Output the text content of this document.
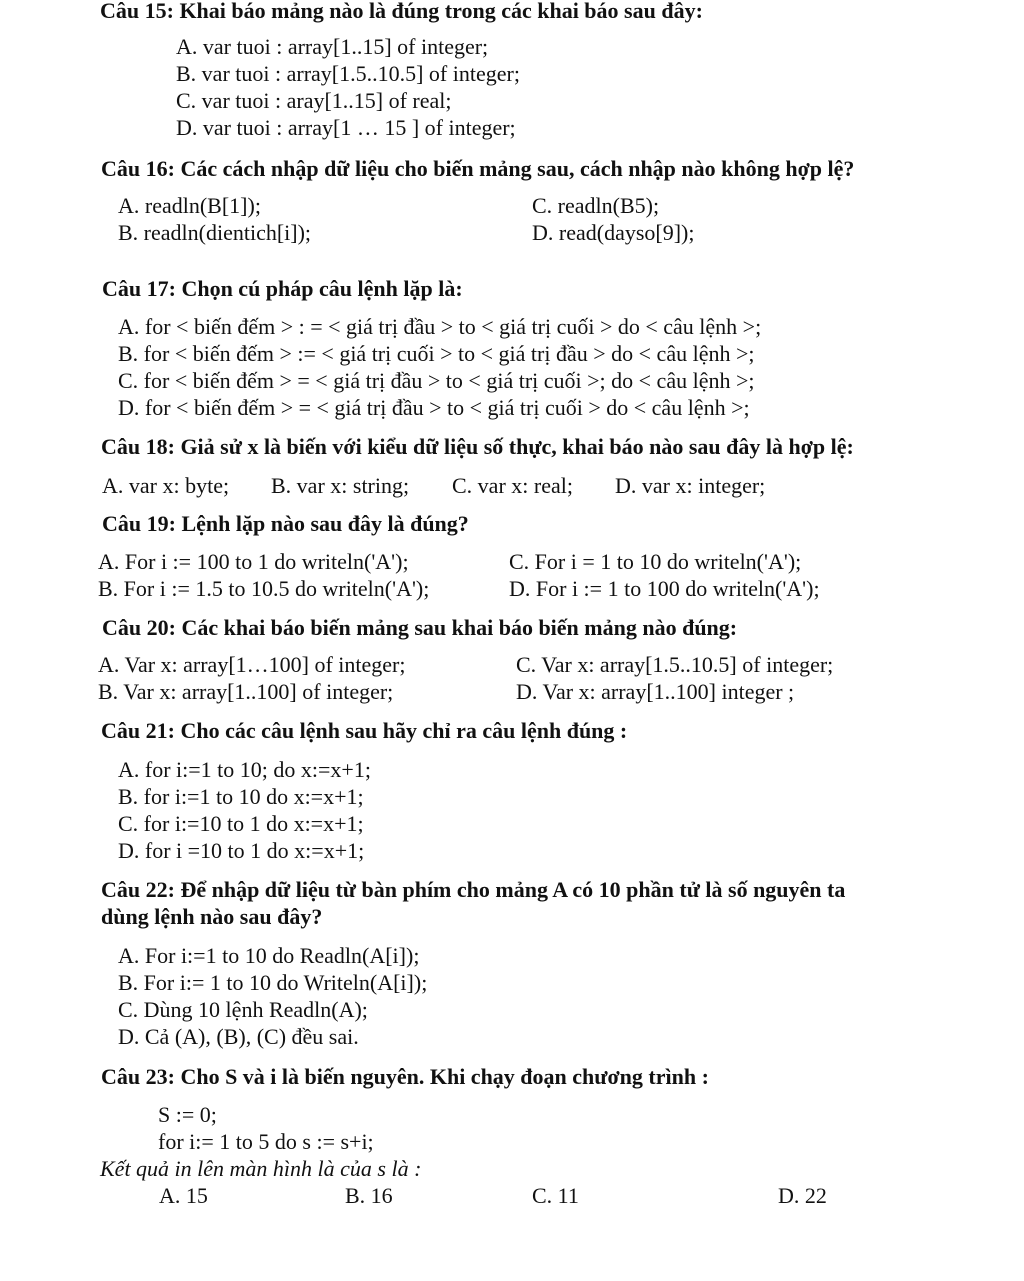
Câu 15: Khai báo mảng nào là đúng trong các khai báo sau đây:
A. var tuoi : array[1..15] of integer;
B. var tuoi : array[1.5..10.5] of integer;
C. var tuoi : aray[1..15] of real;
D. var tuoi : array[1 … 15 ] of integer;
Câu 16: Các cách nhập dữ liệu cho biến mảng sau, cách nhập nào không hợp lệ?
A. readln(B[1]);	C. readln(B5);
B. readln(dientich[i]);	D. read(dayso[9]);
Câu 17: Chọn cú pháp câu lệnh lặp là:
A. for < biến đếm > : = < giá trị đầu > to < giá trị cuối > do < câu lệnh >;
B. for < biến đếm > := < giá trị cuối > to < giá trị đầu > do < câu lệnh >;
C. for < biến đếm > = < giá trị đầu > to < giá trị cuối >; do < câu lệnh >;
D. for < biến đếm > = < giá trị đầu > to < giá trị cuối > do < câu lệnh >;
Câu 18: Giả sử x là biến với kiểu dữ liệu số thực, khai báo nào sau đây là hợp lệ:
A. var x: byte; B. var x: string; C. var x: real; D. var x: integer;
Câu 19: Lệnh lặp nào sau đây là đúng?
A. For i := 100 to 1 do writeln('A');	C. For i = 1 to 10 do writeln('A');
B. For i := 1.5 to 10.5 do writeln('A');	D. For i := 1 to 100 do writeln('A');
Câu 20: Các khai báo biến mảng sau khai báo biến mảng nào đúng:
A. Var x: array[1…100] of integer;	C. Var x: array[1.5..10.5] of integer;
B. Var x: array[1..100] of integer;	D. Var x: array[1..100] integer ;
Câu 21: Cho các câu lệnh sau hãy chỉ ra câu lệnh đúng :
A. for i:=1 to 10; do x:=x+1;
B. for i:=1 to 10 do x:=x+1;
C. for i:=10 to 1 do x:=x+1;
D. for i =10 to 1 do x:=x+1;
Câu 22: Để nhập dữ liệu từ bàn phím cho mảng A có 10 phần tử là số nguyên ta
dùng lệnh nào sau đây?
A. For i:=1 to 10 do Readln(A[i]);
B. For i:= 1 to 10 do Writeln(A[i]);
C. Dùng 10 lệnh Readln(A);
D. Cả (A), (B), (C) đều sai.
Câu 23: Cho S và i là biến nguyên. Khi chạy đoạn chương trình :
S := 0;
for i:= 1 to 5 do s := s+i;
Kết quả in lên màn hình là của s là :
A. 15	B. 16	C. 11	D. 22
